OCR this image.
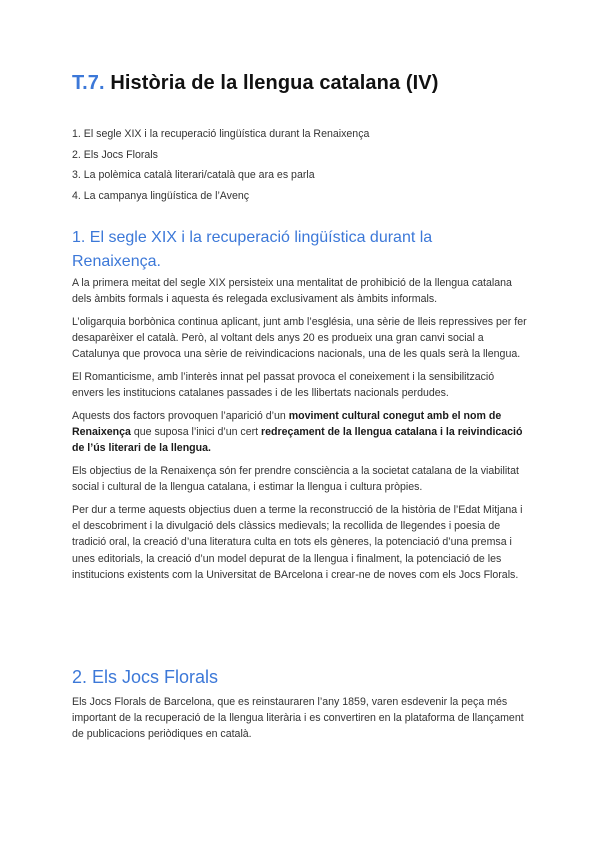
T.7. Història de la llengua catalana (IV)
1. El segle XIX i la recuperació lingüística durant la Renaixença
2. Els Jocs Florals
3. La polèmica català literari/català que ara es parla
4. La campanya lingüística de l’Avenç
1. El segle XIX i la recuperació lingüística durant la Renaixença.

A la primera meitat del segle XIX persisteix una mentalitat de prohibició de la llengua catalana dels àmbits formals i aquesta és relegada exclusivament als àmbits informals.

L’oligarquia borbònica continua aplicant, junt amb l’església, una sèrie de lleis repressives per fer desaparèixer el català. Però, al voltant dels anys 20 es produeix una gran canvi social a Catalunya que provoca una sèrie de reivindicacions nacionals, una de les quals serà la llengua.

El Romanticisme, amb l’interès innat pel passat provoca el coneixement i la sensibilització envers les institucions catalanes passades i de les llibertats nacionals perdudes.

Aquests dos factors provoquen l’aparició d’un moviment cultural conegut amb el nom de Renaixença que suposa l’inici d’un cert redreçament de la llengua catalana i la reivindicació de l’ús literari de la llengua.

Els objectius de la Renaixença són fer prendre consciència a la societat catalana de la viabilitat social i cultural de la llengua catalana, i estimar la llengua i cultura pròpies.

Per dur a terme aquests objectius duen a terme la reconstrucció de la història de l’Edat Mitjana i el descobriment i la divulgació dels clàssics medievals; la recollida de llegendes i poesia de tradició oral, la creació d’una literatura culta en tots els gèneres, la potenciació d’una premsa i unes editorials, la creació d’un model depurat de la llengua i finalment, la potenciació de les institucions existents com la Universitat de BArcelona i crear-ne de noves com els Jocs Florals.

2. Els Jocs Florals

Els Jocs Florals de Barcelona, que es reinstauraren l’any 1859, varen esdevenir la peça més important de la recuperació de la llengua literària i es convertiren en la plataforma de llançament de publicacions periòdiques en català.
